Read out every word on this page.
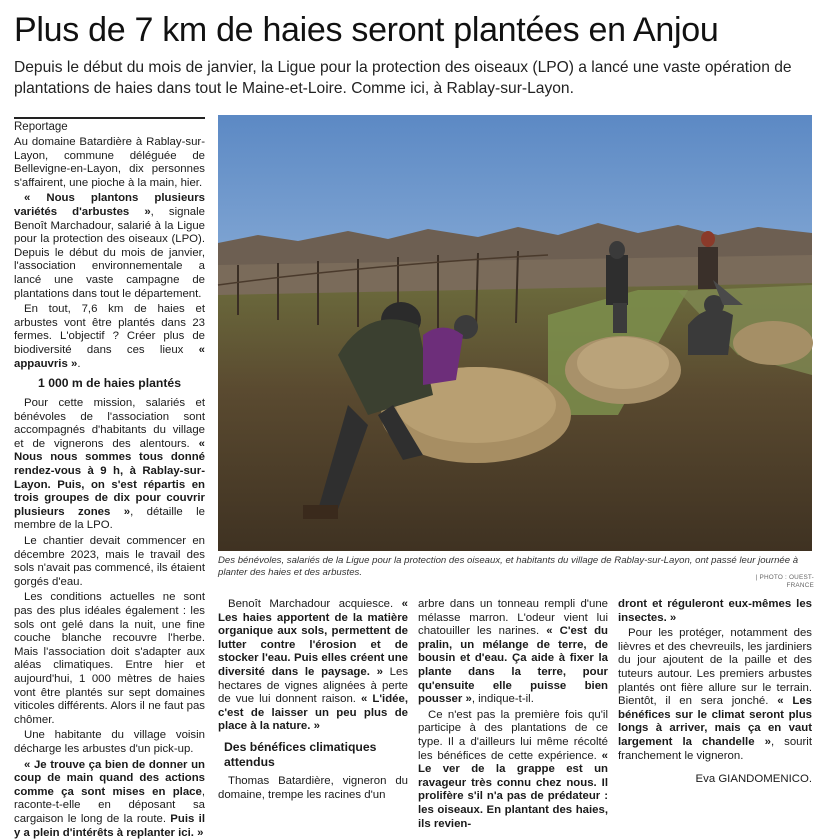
Plus de 7 km de haies seront plantées en Anjou
Depuis le début du mois de janvier, la Ligue pour la protection des oiseaux (LPO) a lancé une vaste opération de plantations de haies dans tout le Maine-et-Loire. Comme ici, à Rablay-sur-Layon.
Reportage

Au domaine Batardière à Rablay-sur-Layon, commune déléguée de Bellevigne-en-Layon, dix personnes s'affairent, une pioche à la main, hier.

« Nous plantons plusieurs variétés d'arbustes », signale Benoît Marchadour, salarié à la Ligue pour la protection des oiseaux (LPO). Depuis le début du mois de janvier, l'association environnementale a lancé une vaste campagne de plantations dans tout le département.

En tout, 7,6 km de haies et arbustes vont être plantés dans 23 fermes. L'objectif ? Créer plus de biodiversité dans ces lieux « appauvris ».

1 000 m de haies plantés

Pour cette mission, salariés et bénévoles de l'association sont accompagnés d'habitants du village et de vignerons des alentours. « Nous nous sommes tous donné rendez-vous à 9 h, à Rablay-sur-Layon. Puis, on s'est répartis en trois groupes de dix pour couvrir plusieurs zones », détaille le membre de la LPO.

Le chantier devait commencer en décembre 2023, mais le travail des sols n'avait pas commencé, ils étaient gorgés d'eau.

Les conditions actuelles ne sont pas des plus idéales également : les sols ont gelé dans la nuit, une fine couche blanche recouvre l'herbe. Mais l'association doit s'adapter aux aléas climatiques. Entre hier et aujourd'hui, 1 000 mètres de haies vont être plantés sur sept domaines viticoles différents. Alors il ne faut pas chômer.

Une habitante du village voisin décharge les arbustes d'un pick-up.

« Je trouve ça bien de donner un coup de main quand des actions comme ça sont mises en place, raconte-t-elle en déposant sa cargaison le long de la route. Puis il y a plein d'intérêts à replanter ici. »

Des bénévoles, salariés de la Ligue pour la protection des oiseaux, et habitants du village de Rablay-sur-Layon, ont passé leur journée à planter des haies et des arbustes.	| PHOTO : OUEST-FRANCE

Benoît Marchadour acquiesce. « Les haies apportent de la matière organique aux sols, permettent de lutter contre l'érosion et de stocker l'eau. Puis elles créent une diversité dans le paysage. » Les hectares de vignes alignées à perte de vue lui donnent raison. « L'idée, c'est de laisser un peu plus de place à la nature. »

Des bénéfices climatiques attendus

Thomas Batardière, vigneron du domaine, trempe les racines d'un

arbre dans un tonneau rempli d'une mélasse marron. L'odeur vient lui chatouiller les narines. « C'est du pralin, un mélange de terre, de bousin et d'eau. Ça aide à fixer la plante dans la terre, pour qu'ensuite elle puisse bien pousser », indique-t-il.

Ce n'est pas la première fois qu'il participe à des plantations de ce type. Il a d'ailleurs lui même récolté les bénéfices de cette expérience. « Le ver de la grappe est un ravageur très connu chez nous. Il prolifère s'il n'a pas de prédateur : les oiseaux. En plantant des haies, ils revien-

dront et réguleront eux-mêmes les insectes. »

Pour les protéger, notamment des lièvres et des chevreuils, les jardiniers du jour ajoutent de la paille et des tuteurs autour. Les premiers arbustes plantés ont fière allure sur le terrain. Bientôt, il en sera jonché. « Les bénéfices sur le climat seront plus longs à arriver, mais ça en vaut largement la chandelle », sourit franchement le vigneron.

Eva GIANDOMENICO.
